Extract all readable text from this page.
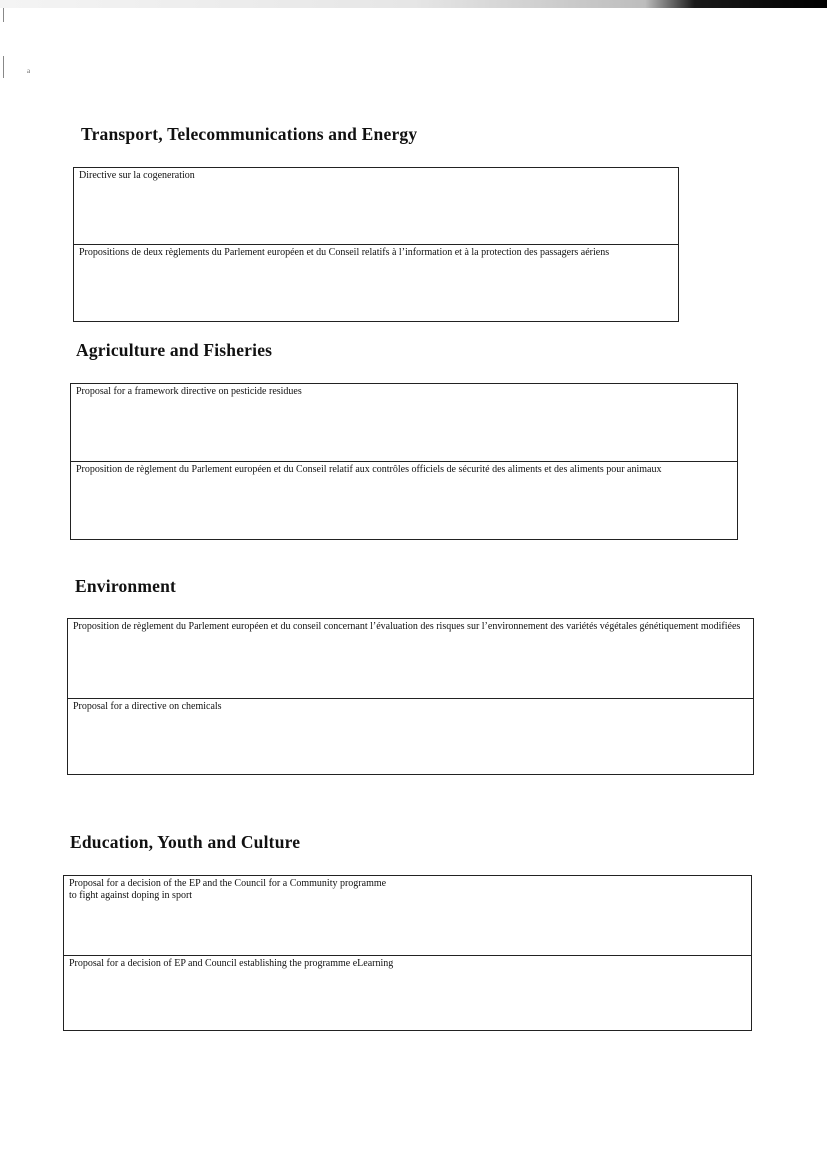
a
Transport, Telecommunications and Energy
Directive sur la cogeneration
Propositions de deux règlements du Parlement européen et du Conseil relatifs à l’information et à la protection des passagers aériens
Agriculture and Fisheries
Proposal for a framework directive on pesticide residues
Proposition de règlement du Parlement européen et du Conseil relatif aux contrôles officiels de sécurité des aliments et des aliments pour animaux
Environment
Proposition de règlement du Parlement européen et du conseil concernant l’évaluation des risques sur l’environnement des variétés végétales génétiquement modifiées
Proposal for a directive on chemicals
Education, Youth and Culture
Proposal for a decision of the EP and the Council for a Community programme to fight against doping in sport
Proposal for a decision of EP and Council establishing the programme eLearning
